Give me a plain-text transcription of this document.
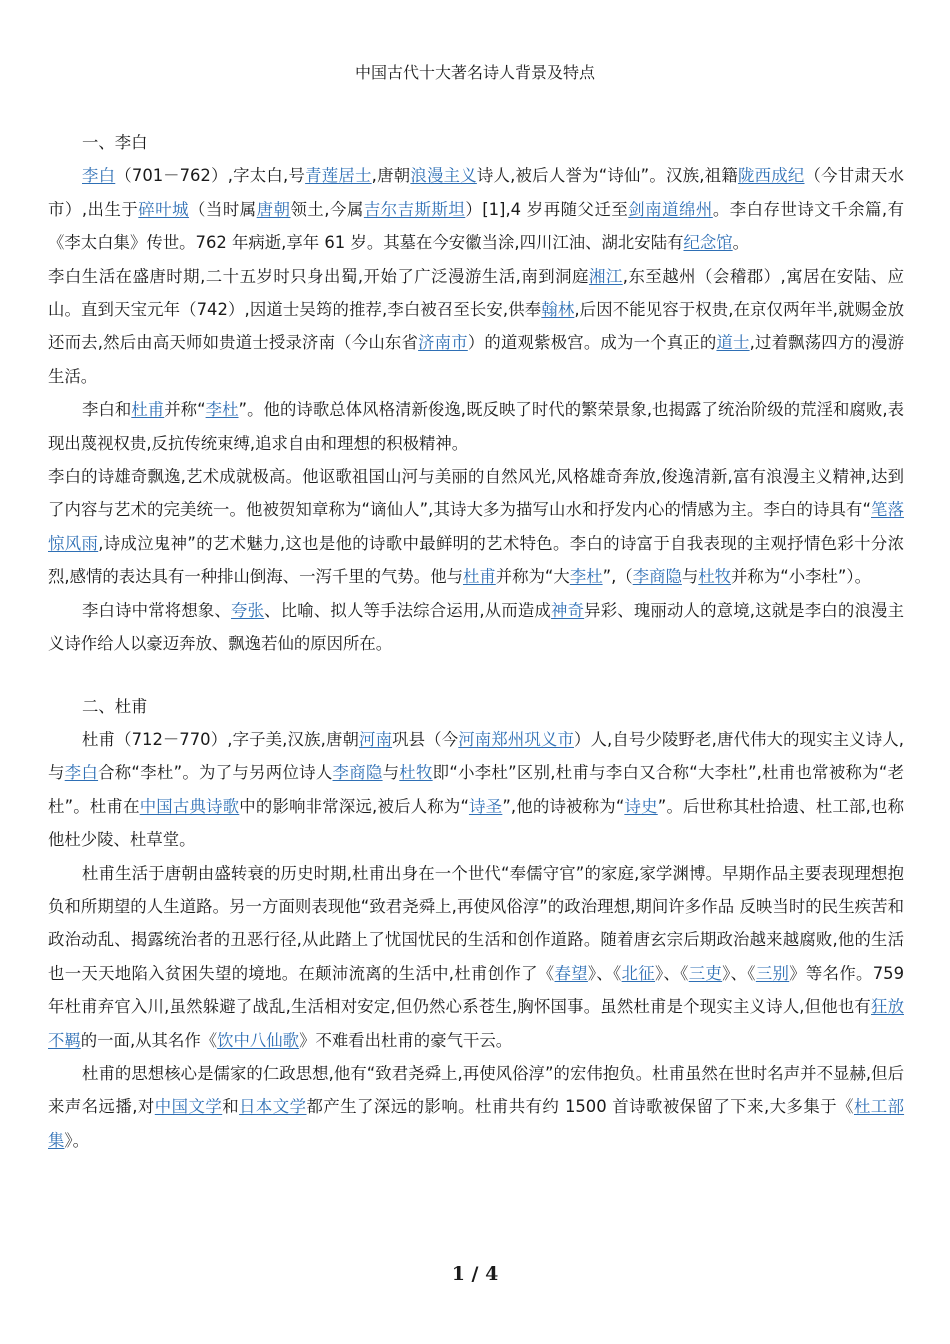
中国古代十大著名诗人背景及特点

一、李白

李白（701－762）,字太白,号青莲居士,唐朝浪漫主义诗人,被后人誉为“诗仙”。汉族,祖籍陇西成纪（今甘肃天水市）,出生于碎叶城（当时属唐朝领土,今属吉尔吉斯斯坦）[1],4 岁再随父迁至剑南道绵州。李白存世诗文千余篇,有《李太白集》传世。762 年病逝,享年 61 岁。其墓在今安徽当涂,四川江油、湖北安陆有纪念馆。

李白生活在盛唐时期,二十五岁时只身出蜀,开始了广泛漫游生活,南到洞庭湘江,东至越州（会稽郡）,寓居在安陆、应山。直到天宝元年（742）,因道士吴筠的推荐,李白被召至长安,供奉翰林,后因不能见容于权贵,在京仅两年半,就赐金放还而去,然后由高天师如贵道士授录济南（今山东省济南市）的道观紫极宫。成为一个真正的道士,过着飘荡四方的漫游生活。

李白和杜甫并称“李杜”。他的诗歌总体风格清新俊逸,既反映了时代的繁荣景象,也揭露了统治阶级的荒淫和腐败,表现出蔑视权贵,反抗传统束缚,追求自由和理想的积极精神。

李白的诗雄奇飘逸,艺术成就极高。他讴歌祖国山河与美丽的自然风光,风格雄奇奔放,俊逸清新,富有浪漫主义精神,达到了内容与艺术的完美统一。他被贺知章称为“谪仙人”,其诗大多为描写山水和抒发内心的情感为主。李白的诗具有“笔落惊风雨,诗成泣鬼神”的艺术魅力,这也是他的诗歌中最鲜明的艺术特色。李白的诗富于自我表现的主观抒情色彩十分浓烈,感情的表达具有一种排山倒海、一泻千里的气势。他与杜甫并称为“大李杜”,（李商隐与杜牧并称为“小李杜”）。

李白诗中常将想象、夸张、比喻、拟人等手法综合运用,从而造成神奇异彩、瑰丽动人的意境,这就是李白的浪漫主义诗作给人以豪迈奔放、飘逸若仙的原因所在。

二、杜甫

杜甫（712－770）,字子美,汉族,唐朝河南巩县（今河南郑州巩义市）人,自号少陵野老,唐代伟大的现实主义诗人,与李白合称“李杜”。为了与另两位诗人李商隐与杜牧即“小李杜”区别,杜甫与李白又合称“大李杜”,杜甫也常被称为“老杜”。杜甫在中国古典诗歌中的影响非常深远,被后人称为“诗圣”,他的诗被称为“诗史”。后世称其杜拾遗、杜工部,也称他杜少陵、杜草堂。

杜甫生活于唐朝由盛转衰的历史时期,杜甫出身在一个世代“奉儒守官”的家庭,家学渊博。早期作品主要表现理想抱负和所期望的人生道路。另一方面则表现他“致君尧舜上,再使风俗淳”的政治理想,期间许多作品 反映当时的民生疾苦和政治动乱、揭露统治者的丑恶行径,从此踏上了忧国忧民的生活和创作道路。随着唐玄宗后期政治越来越腐败,他的生活也一天天地陷入贫困失望的境地。在颠沛流离的生活中,杜甫创作了《春望》、《北征》、《三吏》、《三别》等名作。759 年杜甫弃官入川,虽然躲避了战乱,生活相对安定,但仍然心系苍生,胸怀国事。虽然杜甫是个现实主义诗人,但他也有狂放不羁的一面,从其名作《饮中八仙歌》不难看出杜甫的豪气干云。

杜甫的思想核心是儒家的仁政思想,他有“致君尧舜上,再使风俗淳”的宏伟抱负。杜甫虽然在世时名声并不显赫,但后来声名远播,对中国文学和日本文学都产生了深远的影响。杜甫共有约 1500 首诗歌被保留了下来,大多集于《杜工部集》。

1 / 4
